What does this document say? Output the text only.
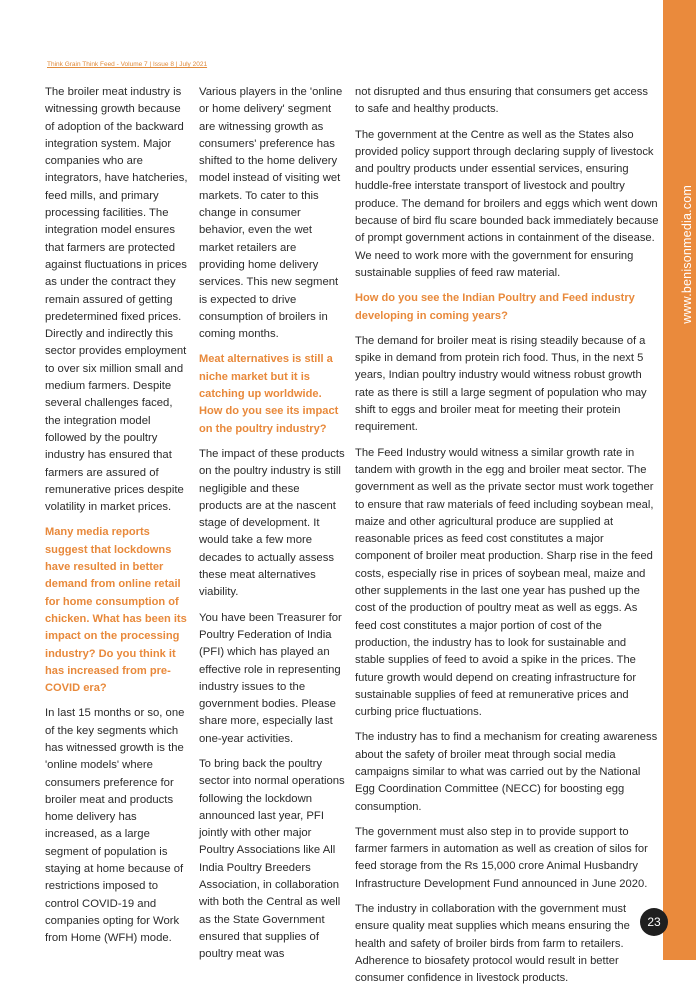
www.benisonmedia.com
23
Think Grain Think Feed - Volume 7 | Issue 8 | July 2021

The broiler meat industry is witnessing growth because of adoption of the backward integration system. Major companies who are integrators, have hatcheries, feed mills, and primary processing facilities. The integration model ensures that farmers are protected against fluctuations in prices as under the contract they remain assured of getting predetermined fixed prices. Directly and indirectly this sector provides employment to over six million small and medium farmers. Despite several challenges faced, the integration model followed by the poultry industry has ensured that farmers are assured of remunerative prices despite volatility in market prices.

Many media reports suggest that lockdowns have resulted in better demand from online retail for home consumption of chicken. What has been its impact on the processing industry? Do you think it has increased from pre-COVID era?

In last 15 months or so, one of the key segments which has witnessed growth is the 'online models' where consumers preference for broiler meat and products home delivery has increased, as a large segment of population is staying at home because of restrictions imposed to control COVID-19 and companies opting for Work from Home (WFH) mode.

Various players in the 'online or home delivery' segment are witnessing growth as consumers' preference has shifted to the home delivery model instead of visiting wet markets. To cater to this change in consumer behavior, even the wet market retailers are providing home delivery services. This new segment is expected to drive consumption of broilers in coming months.

Meat alternatives is still a niche market but it is catching up worldwide. How do you see its impact on the poultry industry?

The impact of these products on the poultry industry is still negligible and these products are at the nascent stage of development. It would take a few more decades to actually assess these meat alternatives viability.

You have been Treasurer for Poultry Federation of India (PFI) which has played an effective role in representing industry issues to the government bodies. Please share more, especially last one-year activities.

To bring back the poultry sector into normal operations following the lockdown announced last year, PFI jointly with other major Poultry Associations like All India Poultry Breeders Association, in collaboration with both the Central as well as the State Government ensured that supplies of poultry meat was

not disrupted and thus ensuring that consumers get access to safe and healthy products.

The government at the Centre as well as the States also provided policy support through declaring supply of livestock and poultry products under essential services, ensuring huddle-free interstate transport of livestock and poultry produce. The demand for broilers and eggs which went down because of bird flu scare bounded back immediately because of prompt government actions in containment of the disease. We need to work more with the government for ensuring sustainable supplies of feed raw material.

How do you see the Indian Poultry and Feed industry developing in coming years?

The demand for broiler meat is rising steadily because of a spike in demand from protein rich food. Thus, in the next 5 years, Indian poultry industry would witness robust growth rate as there is still a large segment of population who may shift to eggs and broiler meat for meeting their protein requirement.

The Feed Industry would witness a similar growth rate in tandem with growth in the egg and broiler meat sector. The government as well as the private sector must work together to ensure that raw materials of feed including soybean meal, maize and other agricultural produce are supplied at reasonable prices as feed cost constitutes a major component of broiler meat production. Sharp rise in the feed costs, especially rise in prices of soybean meal, maize and other supplements in the last one year has pushed up the cost of the production of poultry meat as well as eggs. As feed cost constitutes a major portion of cost of the production, the industry has to look for sustainable and stable supplies of feed to avoid a spike in the prices. The future growth would depend on creating infrastructure for sustainable supplies of feed at remunerative prices and curbing price fluctuations.

The industry has to find a mechanism for creating awareness about the safety of broiler meat through social media campaigns similar to what was carried out by the National Egg Coordination Committee (NECC) for boosting egg consumption.

The government must also step in to provide support to farmer farmers in automation as well as creation of silos for feed storage from the Rs 15,000 crore Animal Husbandry Infrastructure Development Fund announced in June 2020.

The industry in collaboration with the government must ensure quality meat supplies which means ensuring the health and safety of broiler birds from farm to retailers. Adherence to biosafety protocol would result in better consumer confidence in livestock products.
